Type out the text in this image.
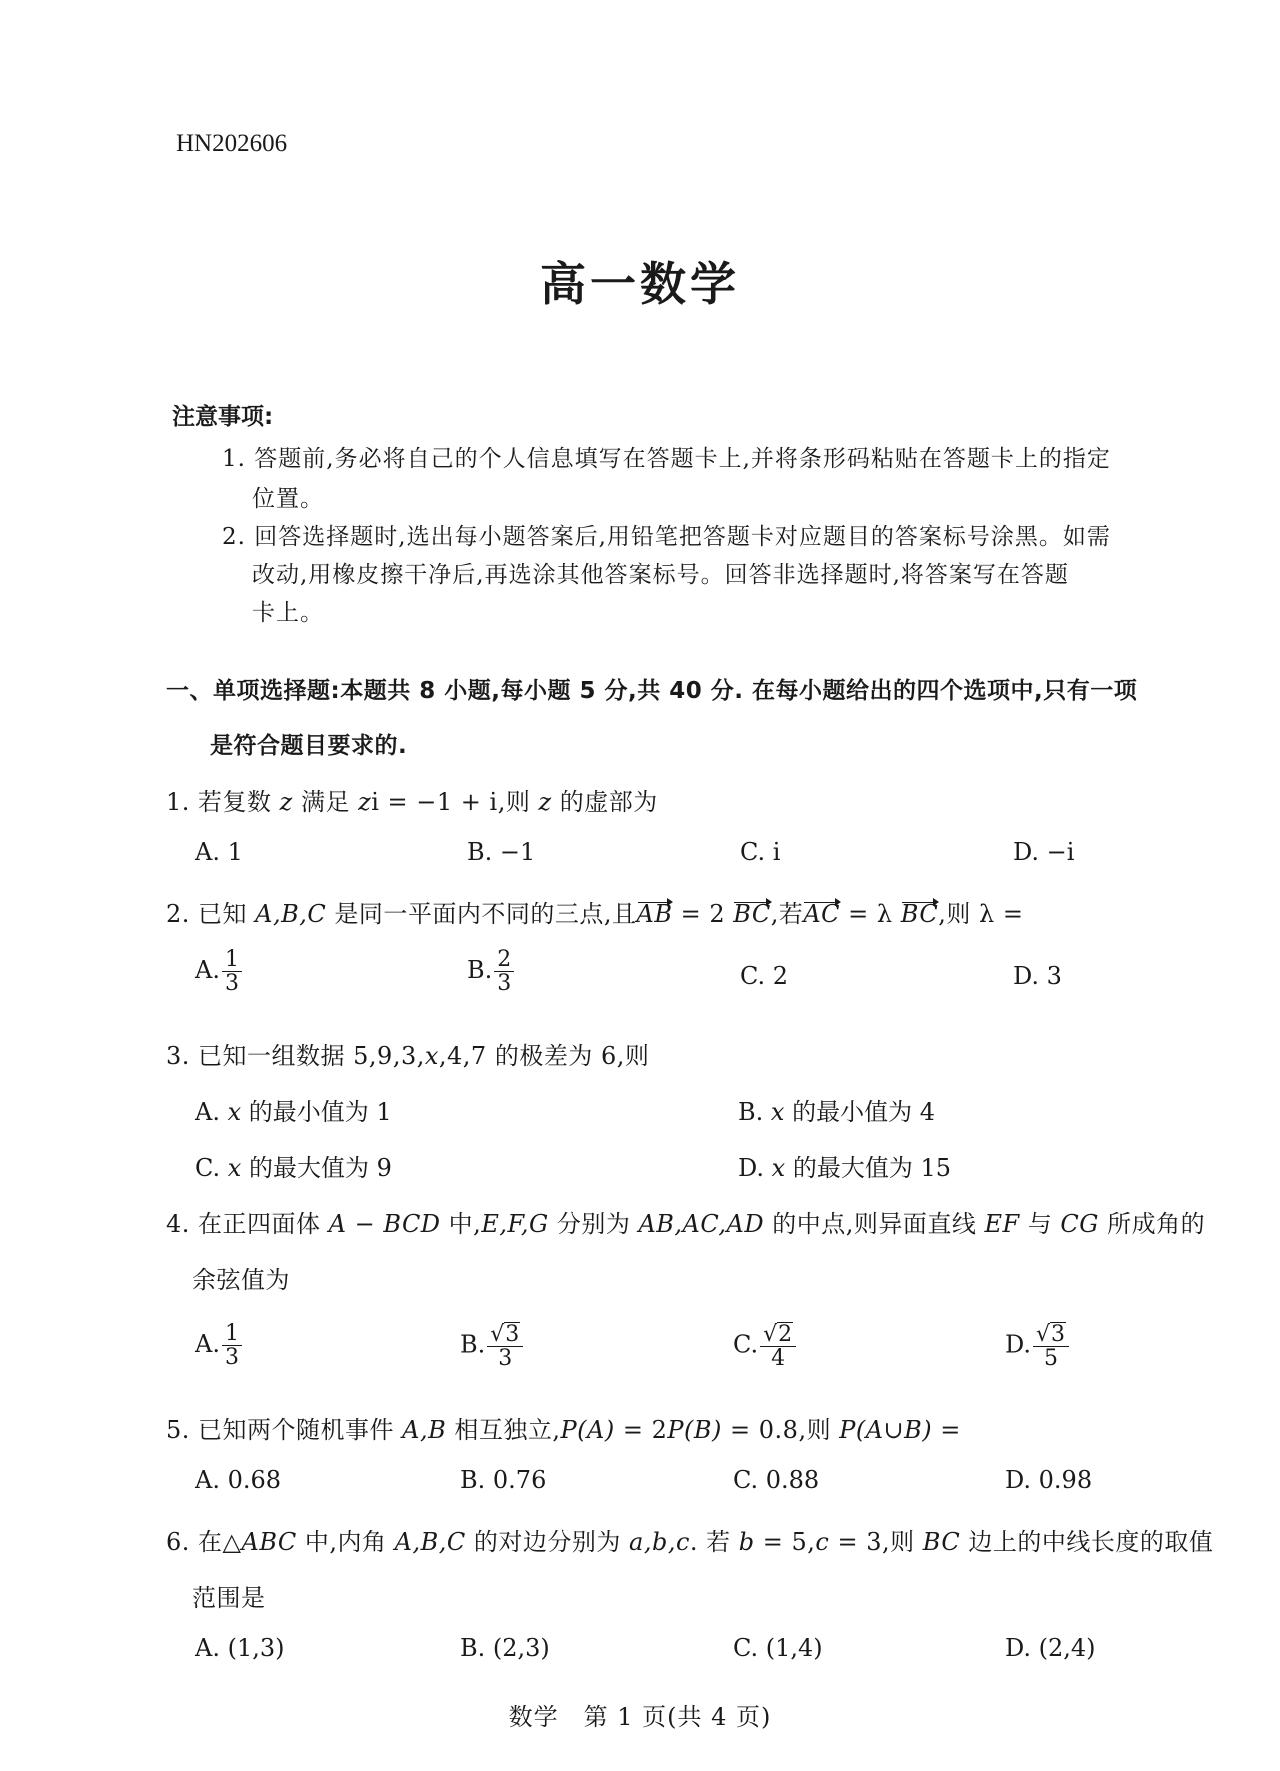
HN202606
高一数学
注意事项:
1. 答题前,务必将自己的个人信息填写在答题卡上,并将条形码粘贴在答题卡上的指定
位置。
2. 回答选择题时,选出每小题答案后,用铅笔把答题卡对应题目的答案标号涂黑。如需
改动,用橡皮擦干净后,再选涂其他答案标号。回答非选择题时,将答案写在答题
卡上。
一、单项选择题:本题共 8 小题,每小题 5 分,共 40 分. 在每小题给出的四个选项中,只有一项
是符合题目要求的.
1. 若复数 z 满足 zi = −1 + i,则 z 的虚部为
A. 1	B. −1	C. i	D. −i
2. 已知 A,B,C 是同一平面内不同的三点,且AB = 2 BC,若AC = λ BC,则 λ =
A. $\frac{1}{3}$	B. $\frac{2}{3}$	C. 2	D. 3
3. 已知一组数据 5,9,3,x,4,7 的极差为 6,则
A. x 的最小值为 1	B. x 的最小值为 4
C. x 的最大值为 9	D. x 的最大值为 15
4. 在正四面体 A − BCD 中,E,F,G 分别为 AB,AC,AD 的中点,则异面直线 EF 与 CG 所成角的
余弦值为
A. $\frac{1}{3}$	B. $\frac{√ 3}{3}$	C. $\frac{√ 2}{4}$	D. $\frac{√ 3}{5}$
5. 已知两个随机事件 A,B 相互独立,P(A) = 2P(B) = 0.8,则 P(A∪B) =
A. 0.68	B. 0.76	C. 0.88	D. 0.98
6. 在△ABC 中,内角 A,B,C 的对边分别为 a,b,c. 若 b = 5,c = 3,则 BC 边上的中线长度的取值
范围是
A. (1,3)	B. (2,3)	C. (1,4)	D. (2,4)
数学　第 1 页(共 4 页)
